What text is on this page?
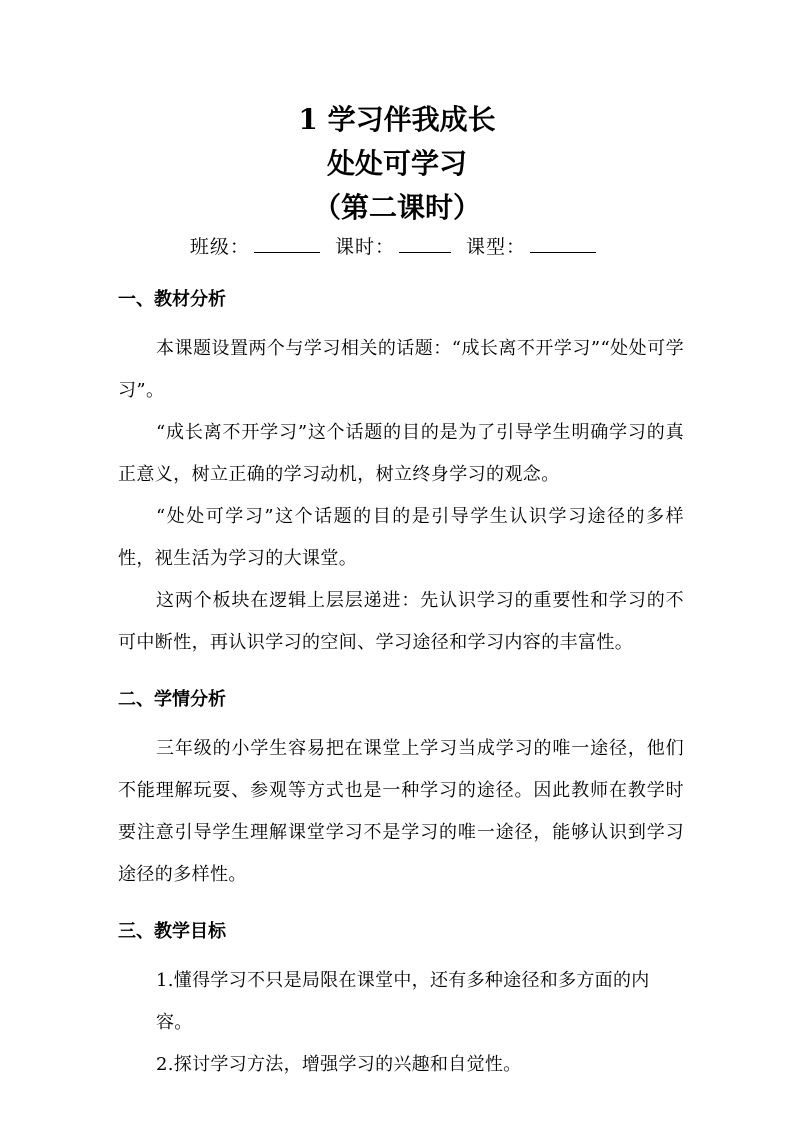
1 学习伴我成长
处处可学习
（第二课时）
班级：	课时：	课型：
一、教材分析

本课题设置两个与学习相关的话题：“成长离不开学习”“处处可学习”。

“成长离不开学习”这个话题的目的是为了引导学生明确学习的真正意义，树立正确的学习动机，树立终身学习的观念。

“处处可学习”这个话题的目的是引导学生认识学习途径的多样性，视生活为学习的大课堂。

这两个板块在逻辑上层层递进：先认识学习的重要性和学习的不可中断性，再认识学习的空间、学习途径和学习内容的丰富性。

二、学情分析

三年级的小学生容易把在课堂上学习当成学习的唯一途径，他们不能理解玩耍、参观等方式也是一种学习的途径。因此教师在教学时要注意引导学生理解课堂学习不是学习的唯一途径，能够认识到学习途径的多样性。

三、教学目标

1.懂得学习不只是局限在课堂中，还有多种途径和多方面的内容。

2.探讨学习方法，增强学习的兴趣和自觉性。
